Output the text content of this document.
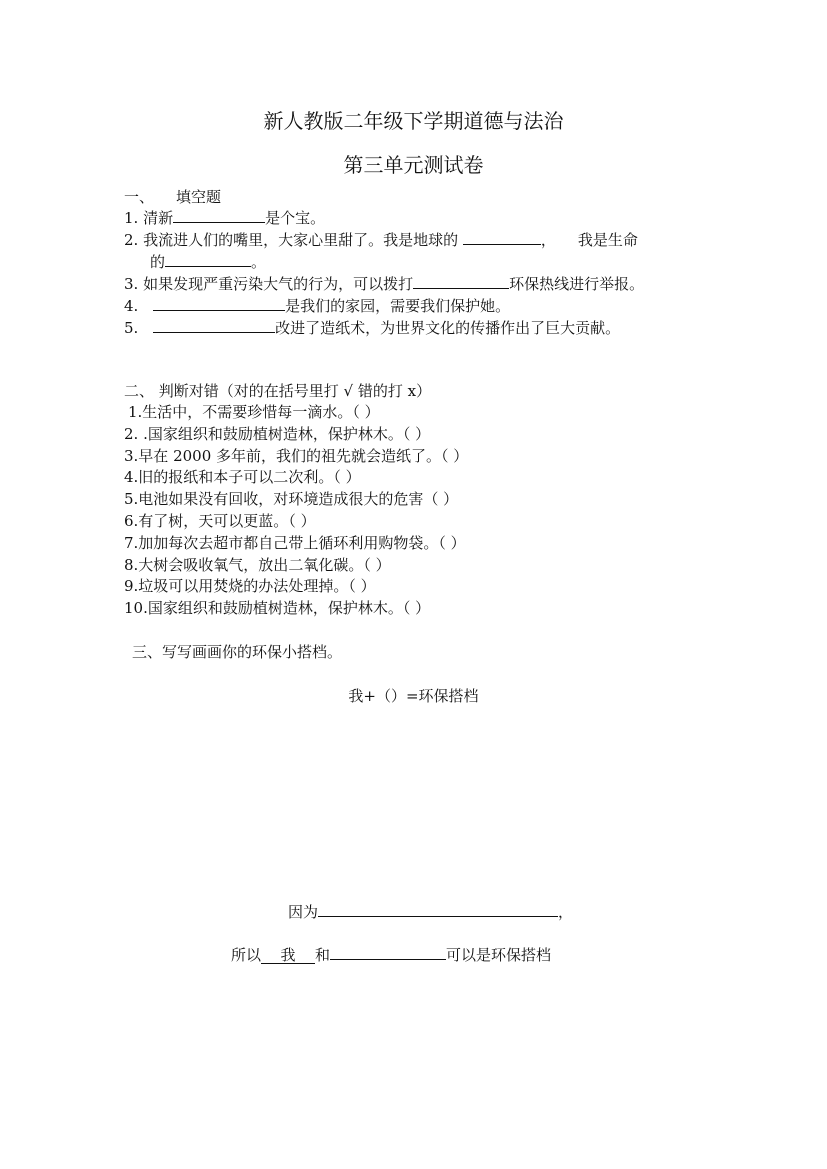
新人教版二年级下学期道德与法治
第三单元测试卷
一、 填空题
1. 清新	是个宝。
2. 我流进人们的嘴里，大家心里甜了。我是地球的	， 我是生命
的	。
3. 如果发现严重污染大气的行为，可以拨打	环保热线进行举报。
4.	是我们的家园，需要我们保护她。
5.	改进了造纸术，为世界文化的传播作出了巨大贡献。
二、 判断对错（对的在括号里打 √ 错的打 x）
1.生活中，不需要珍惜每一滴水。（ ）
2. .国家组织和鼓励植树造林，保护林木。（ ）
3.早在 2000 多年前，我们的祖先就会造纸了。（ ）
4.旧的报纸和本子可以二次利。（ ）
5.电池如果没有回收，对环境造成很大的危害（ ）
6.有了树，天可以更蓝。（ ）
7.加加每次去超市都自己带上循环利用购物袋。（ ）
8.大树会吸收氧气，放出二氧化碳。（ ）
9.垃圾可以用焚烧的办法处理掉。（ ）
10.国家组织和鼓励植树造林，保护林木。（ ）
三、写写画画你的环保小搭档。
我+（）=环保搭档
因为	，
所以 我 和	可以是环保搭档
